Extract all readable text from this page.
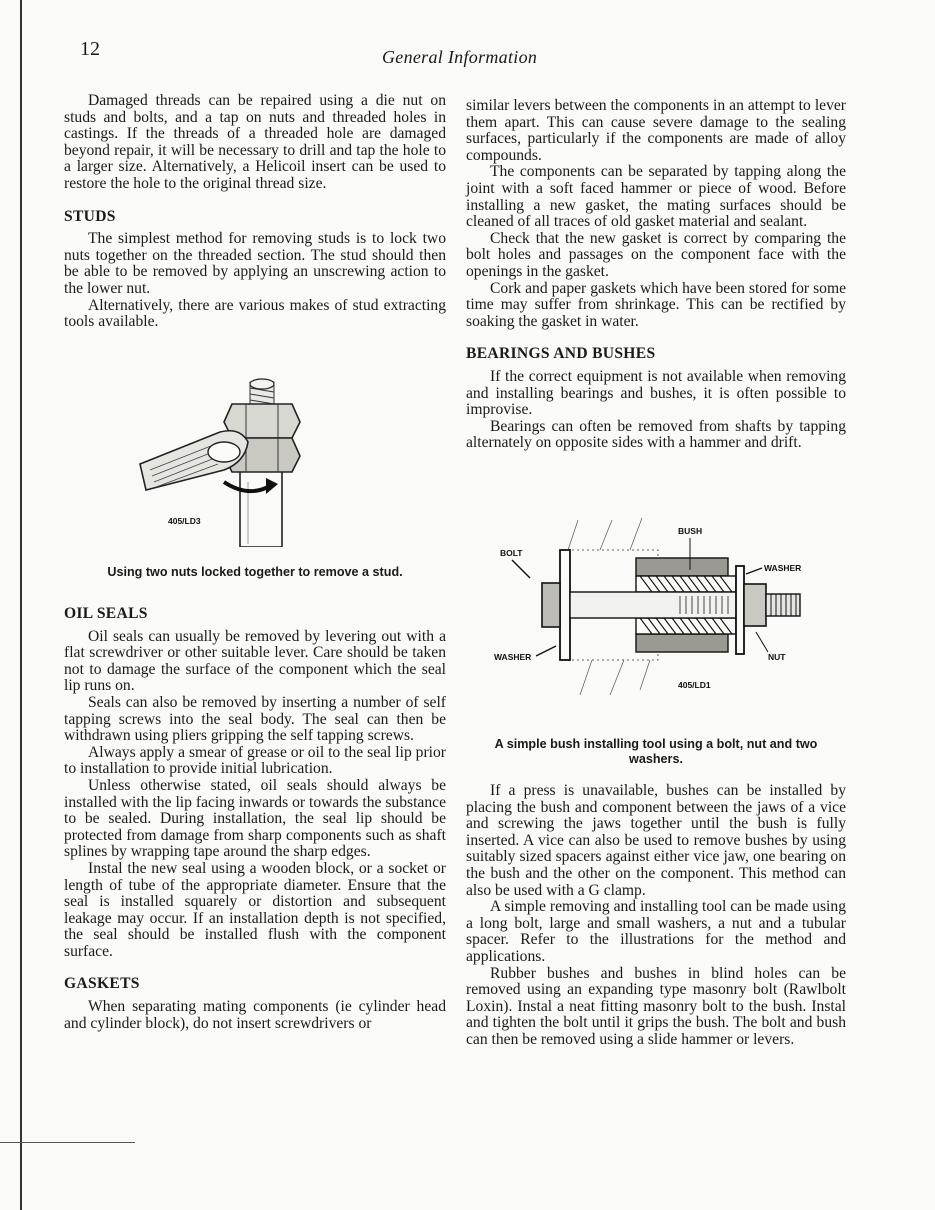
12	General Information

Damaged threads can be repaired using a die nut on studs and bolts, and a tap on nuts and threaded holes in castings. If the threads of a threaded hole are damaged beyond repair, it will be necessary to drill and tap the hole to a larger size. Alternatively, a Helicoil insert can be used to restore the hole to the original thread size.

STUDS

The simplest method for removing studs is to lock two nuts together on the threaded section. The stud should then be able to be removed by applying an unscrewing action to the lower nut.

Alternatively, there are various makes of stud extracting tools available.

405/LD3
Using two nuts locked together to remove a stud.
OIL SEALS

Oil seals can usually be removed by levering out with a flat screwdriver or other suitable lever. Care should be taken not to damage the surface of the component which the seal lip runs on.

Seals can also be removed by inserting a number of self tapping screws into the seal body. The seal can then be withdrawn using pliers gripping the self tapping screws.

Always apply a smear of grease or oil to the seal lip prior to installation to provide initial lubrication.

Unless otherwise stated, oil seals should always be installed with the lip facing inwards or towards the substance to be sealed. During installation, the seal lip should be protected from damage from sharp components such as shaft splines by wrapping tape around the sharp edges.

Instal the new seal using a wooden block, or a socket or length of tube of the appropriate diameter. Ensure that the seal is installed squarely or distortion and subsequent leakage may occur. If an installation depth is not specified, the seal should be installed flush with the component surface.

GASKETS

When separating mating components (ie cylinder head and cylinder block), do not insert screwdrivers or

similar levers between the components in an attempt to lever them apart. This can cause severe damage to the sealing surfaces, particularly if the components are made of alloy compounds.

The components can be separated by tapping along the joint with a soft faced hammer or piece of wood. Before installing a new gasket, the mating surfaces should be cleaned of all traces of old gasket material and sealant.

Check that the new gasket is correct by comparing the bolt holes and passages on the component face with the openings in the gasket.

Cork and paper gaskets which have been stored for some time may suffer from shrinkage. This can be rectified by soaking the gasket in water.

BEARINGS AND BUSHES

If the correct equipment is not available when removing and installing bearings and bushes, it is often possible to improvise.

Bearings can often be removed from shafts by tapping alternately on opposite sides with a hammer and drift.

BUSH
BOLT
WASHER
WASHER	NUT
405/LD1
A simple bush installing tool using a bolt, nut and two washers.

If a press is unavailable, bushes can be installed by placing the bush and component between the jaws of a vice and screwing the jaws together until the bush is fully inserted. A vice can also be used to remove bushes by using suitably sized spacers against either vice jaw, one bearing on the bush and the other on the component. This method can also be used with a G clamp.

A simple removing and installing tool can be made using a long bolt, large and small washers, a nut and a tubular spacer. Refer to the illustrations for the method and applications.

Rubber bushes and bushes in blind holes can be removed using an expanding type masonry bolt (Rawlbolt Loxin). Instal a neat fitting masonry bolt to the bush. Instal and tighten the bolt until it grips the bush. The bolt and bush can then be removed using a slide hammer or levers.
